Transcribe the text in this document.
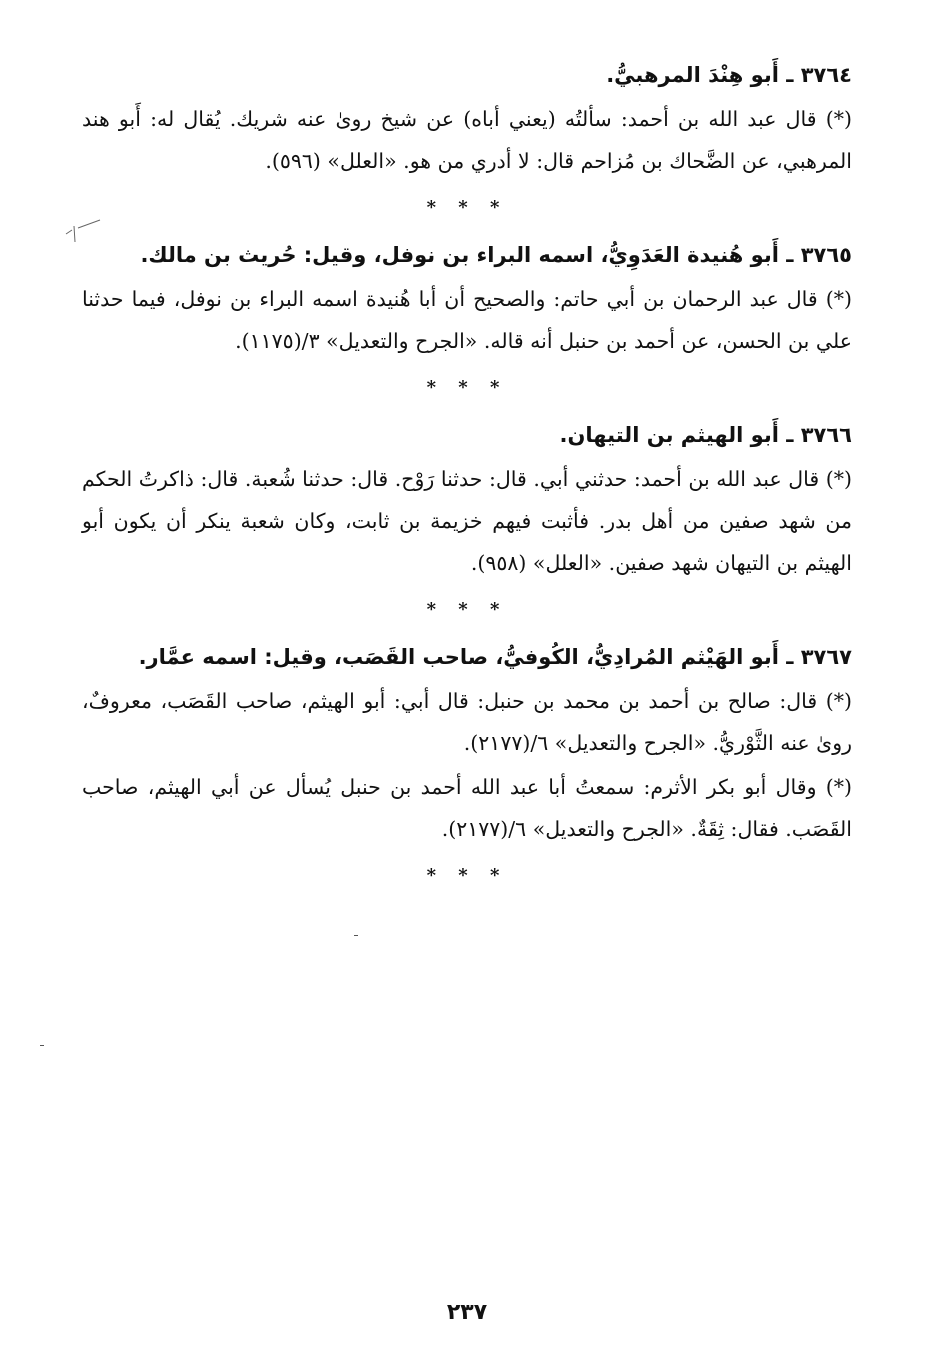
٣٧٦٤ ـ أَبو هِنْدَ المرهبيُّ.

(*) قال عبد الله بن أحمد: سألتُه (يعني أباه) عن شيخ روىٰ عنه شريك. يُقال له: أَبو هند المرهبي، عن الضَّحاك بن مُزاحم قال: لا أدري من هو. «العلل» (٥٩٦).

* * *
٣٧٦٥ ـ أَبو هُنيدة العَدَوِيُّ، اسمه البراء بن نوفل، وقيل: حُريث بن مالك.

(*) قال عبد الرحمان بن أبي حاتم: والصحيح أن أبا هُنيدة اسمه البراء بن نوفل، فيما حدثنا علي بن الحسن، عن أحمد بن حنبل أنه قاله. «الجرح والتعديل» ٣/(١١٧٥).

* * *
٣٧٦٦ ـ أَبو الهيثم بن التيهان.

(*) قال عبد الله بن أحمد: حدثني أبي. قال: حدثنا رَوْح. قال: حدثنا شُعبة. قال: ذاكرتُ الحكم من شهد صفين من أهل بدر. فأثبت فيهم خزيمة بن ثابت، وكان شعبة ينكر أن يكون أبو الهيثم بن التيهان شهد صفين. «العلل» (٩٥٨).

* * *
٣٧٦٧ ـ أَبو الهَيْثم المُرادِيُّ، الكُوفيُّ، صاحب القَصَب، وقيل: اسمه عمَّار.

(*) قال: صالح بن أحمد بن محمد بن حنبل: قال أبي: أبو الهيثم، صاحب القَصَب، معروفٌ، روىٰ عنه الثَّوْريُّ. «الجرح والتعديل» ٦/(٢١٧٧).

(*) وقال أبو بكر الأثرم: سمعتُ أبا عبد الله أحمد بن حنبل يُسأل عن أبي الهيثم، صاحب القَصَب. فقال: ثِقَةٌ. «الجرح والتعديل» ٦/(٢١٧٧).

* * *
٢٣٧
